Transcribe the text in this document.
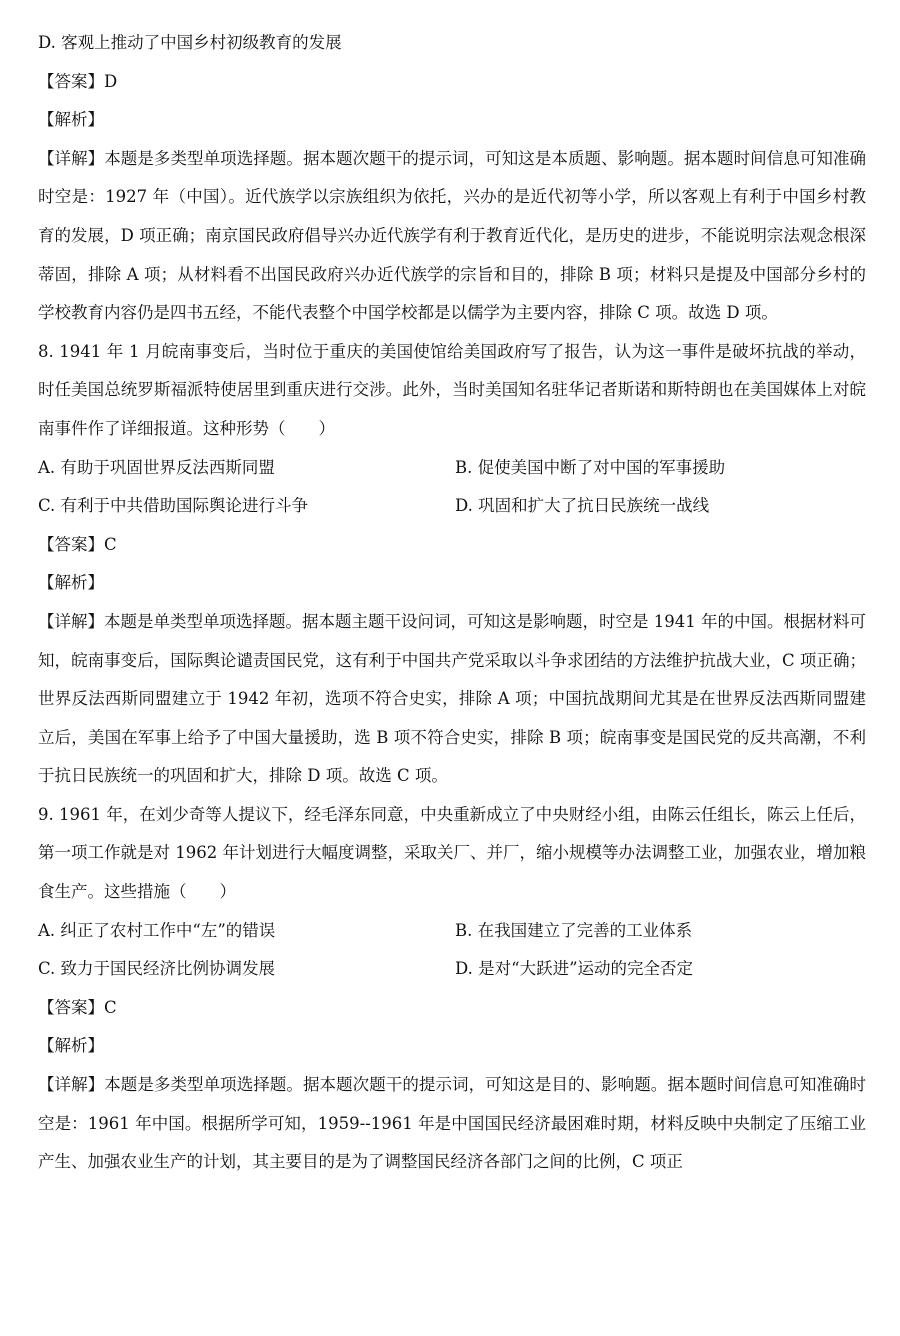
D. 客观上推动了中国乡村初级教育的发展
【答案】D
【解析】

【详解】本题是多类型单项选择题。据本题次题干的提示词，可知这是本质题、影响题。据本题时间信息可知准确时空是：1927 年（中国）。近代族学以宗族组织为依托，兴办的是近代初等小学，所以客观上有利于中国乡村教育的发展，D 项正确；南京国民政府倡导兴办近代族学有利于教育近代化，是历史的进步，不能说明宗法观念根深蒂固，排除 A 项；从材料看不出国民政府兴办近代族学的宗旨和目的，排除 B 项；材料只是提及中国部分乡村的学校教育内容仍是四书五经，不能代表整个中国学校都是以儒学为主要内容，排除 C 项。故选 D 项。

8. 1941 年 1 月皖南事变后，当时位于重庆的美国使馆给美国政府写了报告，认为这一事件是破坏抗战的举动，时任美国总统罗斯福派特使居里到重庆进行交涉。此外，当时美国知名驻华记者斯诺和斯特朗也在美国媒体上对皖南事件作了详细报道。这种形势（　　）

A. 有助于巩固世界反法西斯同盟	B. 促使美国中断了对中国的军事援助
C. 有利于中共借助国际舆论进行斗争	D. 巩固和扩大了抗日民族统一战线
【答案】C
【解析】

【详解】本题是单类型单项选择题。据本题主题干设问词，可知这是影响题，时空是 1941 年的中国。根据材料可知，皖南事变后，国际舆论谴责国民党，这有利于中国共产党采取以斗争求团结的方法维护抗战大业，C 项正确；世界反法西斯同盟建立于 1942 年初，选项不符合史实，排除 A 项；中国抗战期间尤其是在世界反法西斯同盟建立后，美国在军事上给予了中国大量援助，选 B 项不符合史实，排除 B 项；皖南事变是国民党的反共高潮，不利于抗日民族统一的巩固和扩大，排除 D 项。故选 C 项。

9. 1961 年，在刘少奇等人提议下，经毛泽东同意，中央重新成立了中央财经小组，由陈云任组长，陈云上任后，第一项工作就是对 1962 年计划进行大幅度调整，采取关厂、并厂，缩小规模等办法调整工业，加强农业，增加粮食生产。这些措施（　　）

A. 纠正了农村工作中“左”的错误	B. 在我国建立了完善的工业体系
C. 致力于国民经济比例协调发展	D. 是对“大跃进”运动的完全否定
【答案】C
【解析】

【详解】本题是多类型单项选择题。据本题次题干的提示词，可知这是目的、影响题。据本题时间信息可知准确时空是：1961 年中国。根据所学可知，1959--1961 年是中国国民经济最困难时期，材料反映中央制定了压缩工业产生、加强农业生产的计划，其主要目的是为了调整国民经济各部门之间的比例，C 项正
